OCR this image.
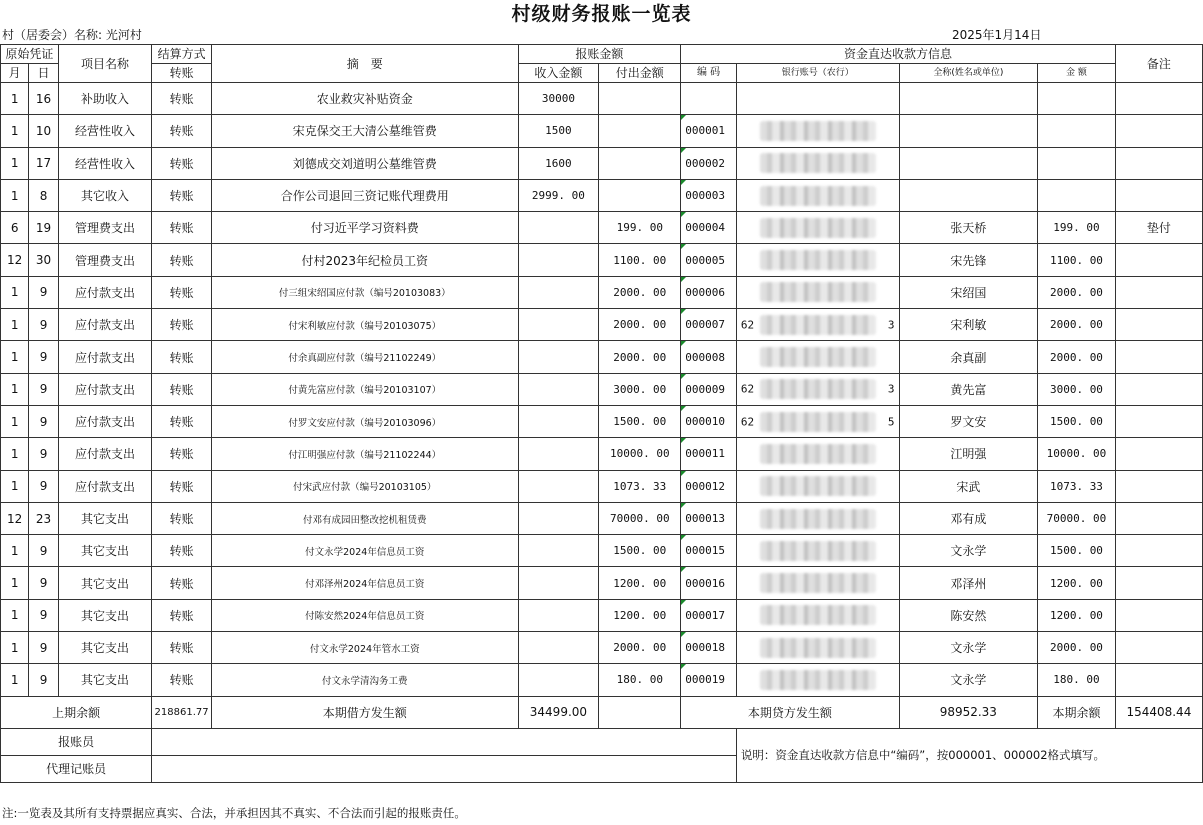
村级财务报账一览表
村（居委会）名称: 光河村	2025年1月14日
原始凭证		项目名称	结算方式	摘　要	报账金额		资金直达收款方信息				备注
月	日		转账		收入金额	付出金额	编 码	银行账号（农行）	全称(姓名或单位)	金 额	
1	16	补助收入	转账	农业救灾补贴资金	30000						
1	10	经营性收入	转账	宋克保交王大清公墓维管费	1500		000001	

1	17	经营性收入	转账	刘德成交刘道明公墓维管费	1600		000002	

1	8	其它收入	转账	合作公司退回三资记账代理费用	2999. 00		000003	

6	19	管理费支出	转账	付习近平学习资料费		199. 00	000004		张天桥	199. 00	垫付
12	30	管理费支出	转账	付村2023年纪检员工资		1100. 00	000005		宋先锋	1100. 00	
1	9	应付款支出	转账	付三组宋绍国应付款（编号20103083）		2000. 00	000006		宋绍国	2000. 00	
1	9	应付款支出	转账	付宋利敏应付款（编号20103075）		2000. 00	000007	62 3	宋利敏	2000. 00	
1	9	应付款支出	转账	付余真副应付款（编号21102249）		2000. 00	000008		余真副	2000. 00	
1	9	应付款支出	转账	付黄先富应付款（编号20103107）		3000. 00	000009	62 3	黄先富	3000. 00	
1	9	应付款支出	转账	付罗文安应付款（编号20103096）		1500. 00	000010	62 5	罗文安	1500. 00	
1	9	应付款支出	转账	付江明强应付款（编号21102244）		10000. 00	000011		江明强	10000. 00	
1	9	应付款支出	转账	付宋武应付款（编号20103105）		1073. 33	000012		宋武	1073. 33	
12	23	其它支出	转账	付邓有成园田整改挖机租赁费		70000. 00	000013		邓有成	70000. 00	
1	9	其它支出	转账	付文永学2024年信息员工资		1500. 00	000015		文永学	1500. 00	
1	9	其它支出	转账	付邓泽州2024年信息员工资		1200. 00	000016		邓泽州	1200. 00	
1	9	其它支出	转账	付陈安然2024年信息员工资		1200. 00	000017		陈安然	1200. 00	
1	9	其它支出	转账	付文永学2024年管水工资		2000. 00	000018		文永学	2000. 00	
1	9	其它支出	转账	付文永学清沟务工费		180. 00	000019		文永学	180. 00	
上期余额			218861.77	本期借方发生额	34499.00		本期贷方发生额		98952.33	本期余额	154408.44
报账员								说明：资金直达收款方信息中“编码”，按000001、000002格式填写。			
代理记账员											
注:一览表及其所有支持票据应真实、合法，并承担因其不真实、不合法而引起的报账责任。
